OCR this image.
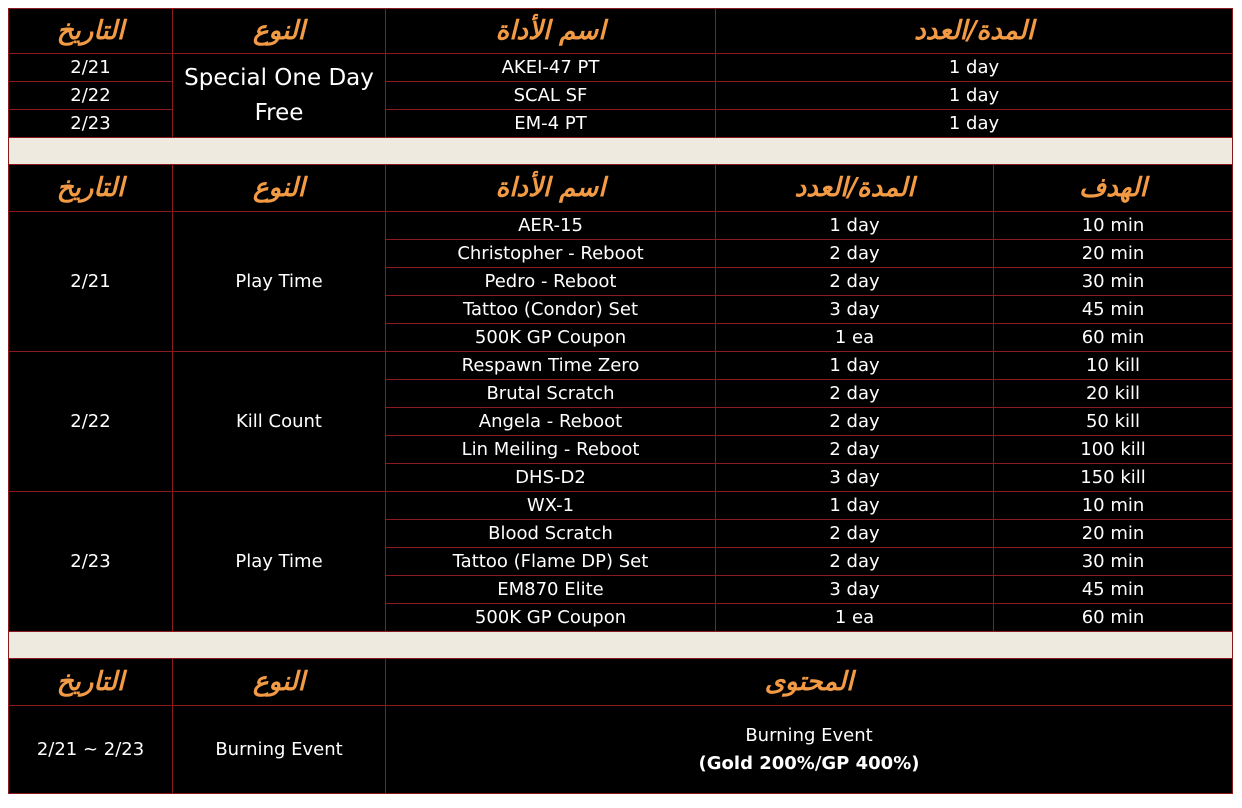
التاريخ	النوع	اسم الأداة	المدة/العدد	
2/21	Special One Day Free	AKEI-47 PT	1 day	
2/22		SCAL SF	1 day	
2/23		EM-4 PT	1 day	

التاريخ	النوع	اسم الأداة	المدة/العدد	الهدف
2/21	Play Time	AER-15	1 day	10 min
		Christopher - Reboot	2 day	20 min
		Pedro - Reboot	2 day	30 min
		Tattoo (Condor) Set	3 day	45 min
		500K GP Coupon	1 ea	60 min
2/22	Kill Count	Respawn Time Zero	1 day	10 kill
		Brutal Scratch	2 day	20 kill
		Angela - Reboot	2 day	50 kill
		Lin Meiling - Reboot	2 day	100 kill
		DHS-D2	3 day	150 kill
2/23	Play Time	WX-1	1 day	10 min
		Blood Scratch	2 day	20 min
		Tattoo (Flame DP) Set	2 day	30 min
		EM870 Elite	3 day	45 min
		500K GP Coupon	1 ea	60 min

التاريخ	النوع	المحتوى		
2/21 ~ 2/23	Burning Event	Burning Event
(Gold 200%/GP 400%)		
